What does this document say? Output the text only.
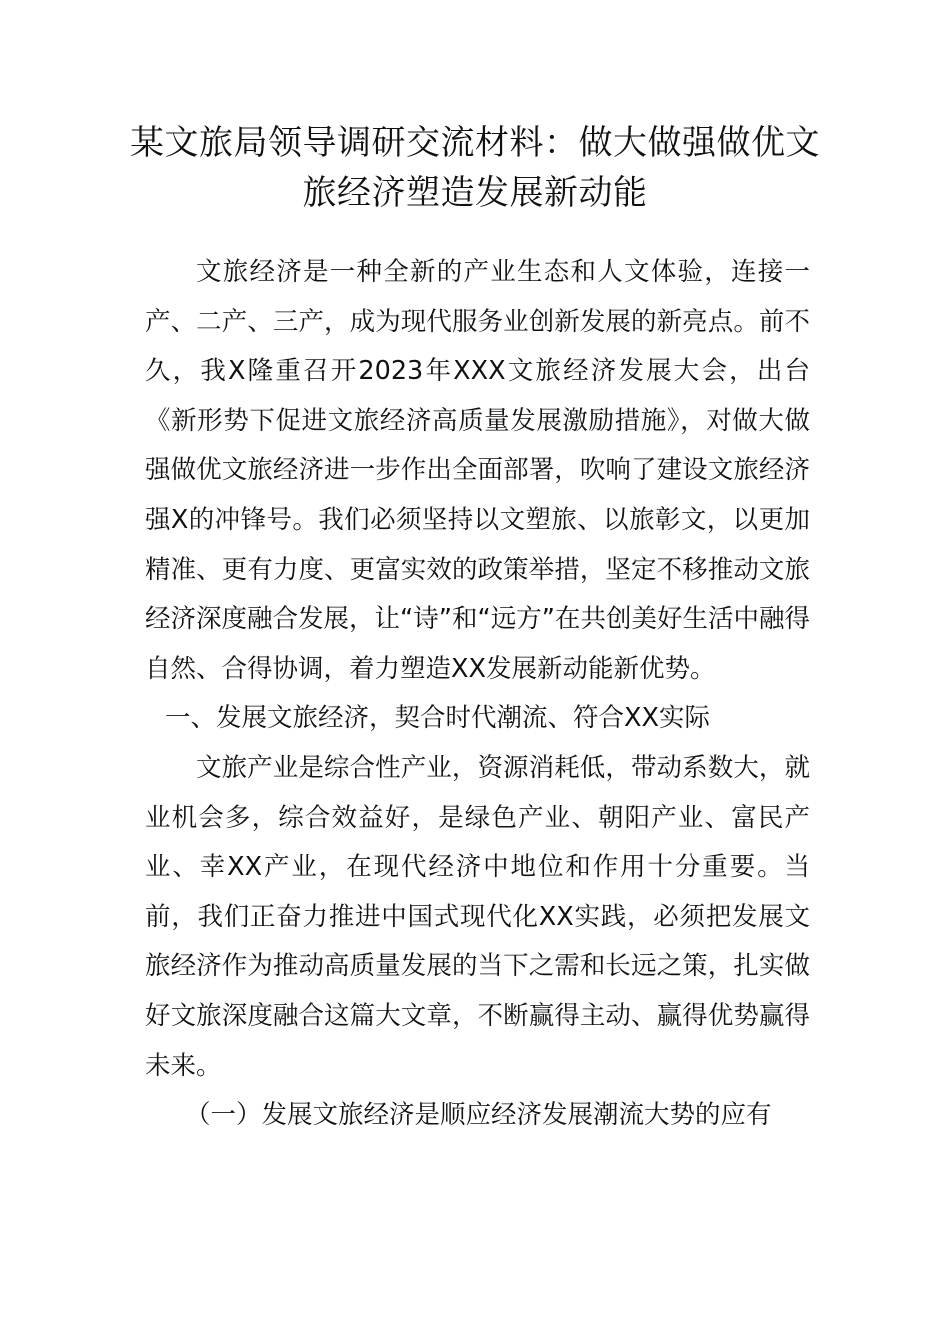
某文旅局领导调研交流材料：做大做强做优文旅经济塑造发展新动能

文旅经济是一种全新的产业生态和人文体验，连接一产、二产、三产，成为现代服务业创新发展的新亮点。前不久，我X隆重召开2023年XXX文旅经济发展大会，出台《新形势下促进文旅经济高质量发展激励措施》，对做大做强做优文旅经济进一步作出全面部署，吹响了建设文旅经济强X的冲锋号。我们必须坚持以文塑旅、以旅彰文，以更加精准、更有力度、更富实效的政策举措，坚定不移推动文旅经济深度融合发展，让“诗”和“远方”在共创美好生活中融得自然、合得协调，着力塑造XX发展新动能新优势。

一、发展文旅经济，契合时代潮流、符合XX实际

文旅产业是综合性产业，资源消耗低，带动系数大，就业机会多，综合效益好，是绿色产业、朝阳产业、富民产业、幸XX产业，在现代经济中地位和作用十分重要。当前，我们正奋力推进中国式现代化XX实践，必须把发展文旅经济作为推动高质量发展的当下之需和长远之策，扎实做好文旅深度融合这篇大文章，不断赢得主动、赢得优势赢得未来。

（一）发展文旅经济是顺应经济发展潮流大势的应有
